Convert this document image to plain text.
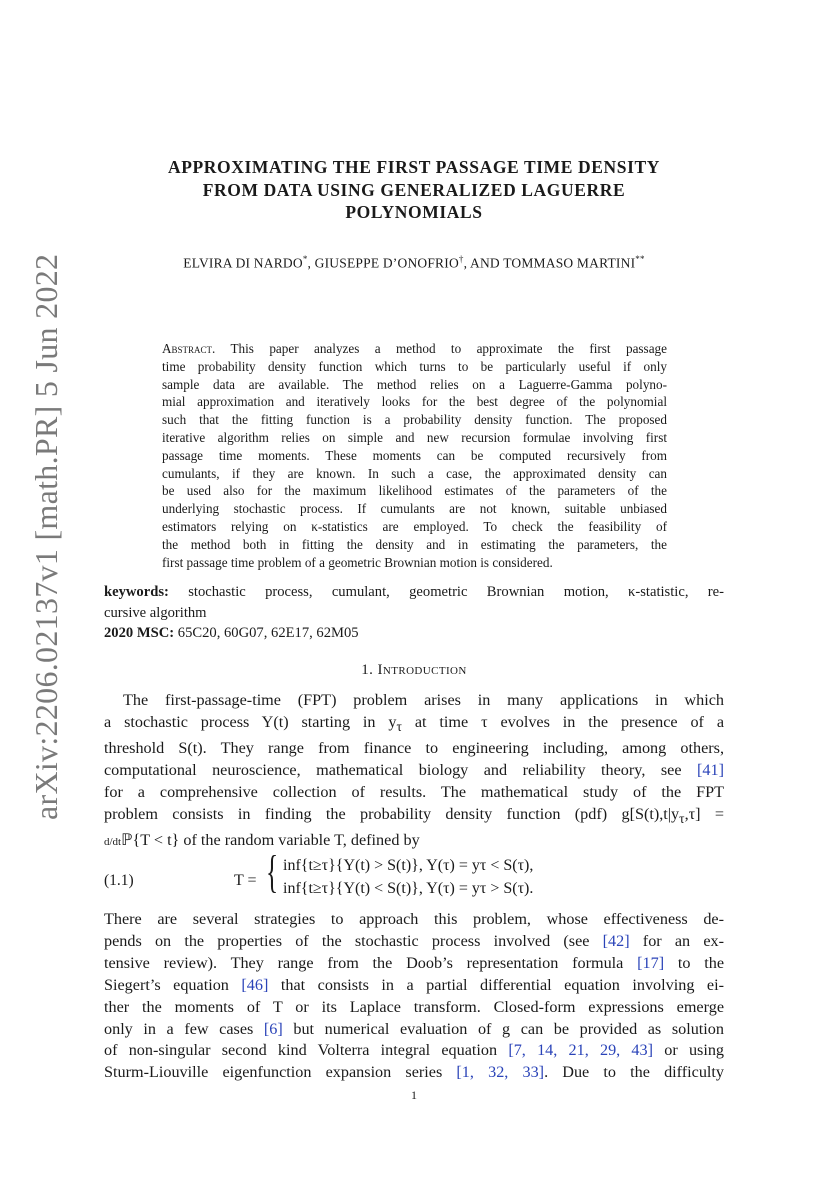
arXiv:2206.02137v1 [math.PR] 5 Jun 2022
APPROXIMATING THE FIRST PASSAGE TIME DENSITY
FROM DATA USING GENERALIZED LAGUERRE
POLYNOMIALS
ELVIRA DI NARDO*, GIUSEPPE D’ONOFRIO†, AND TOMMASO MARTINI**
Abstract. This paper analyzes a method to approximate the first passage
time probability density function which turns to be particularly useful if only
sample data are available. The method relies on a Laguerre-Gamma polyno-
mial approximation and iteratively looks for the best degree of the polynomial
such that the fitting function is a probability density function. The proposed
iterative algorithm relies on simple and new recursion formulae involving first
passage time moments. These moments can be computed recursively from
cumulants, if they are known. In such a case, the approximated density can
be used also for the maximum likelihood estimates of the parameters of the
underlying stochastic process. If cumulants are not known, suitable unbiased
estimators relying on κ-statistics are employed. To check the feasibility of
the method both in fitting the density and in estimating the parameters, the
first passage time problem of a geometric Brownian motion is considered.
keywords: stochastic process, cumulant, geometric Brownian motion, κ-statistic, re-
cursive algorithm
2020 MSC: 65C20, 60G07, 62E17, 62M05
1. Introduction
The first-passage-time (FPT) problem arises in many applications in which
a stochastic process Y(t) starting in $y_\tau$ at time τ evolves in the presence of a
threshold S(t). They range from finance to engineering including, among others,
computational neuroscience, mathematical biology and reliability theory, see [41]
for a comprehensive collection of results. The mathematical study of the FPT
problem consists in finding the probability density function (pdf) $g[S(t),t|y_\tau,\tau]$ =
d/dtℙ{T < t} of the random variable T, defined by
(1.1)	T = { inf{t≥τ}{Y(t) > S(t)}, Y(τ) = yτ < S(τ),
inf{t≥τ}{Y(t) < S(t)}, Y(τ) = yτ > S(τ).
There are several strategies to approach this problem, whose effectiveness de-
pends on the properties of the stochastic process involved (see [42] for an ex-
tensive review). They range from the Doob’s representation formula [17] to the
Siegert’s equation [46] that consists in a partial differential equation involving ei-
ther the moments of T or its Laplace transform. Closed-form expressions emerge
only in a few cases [6] but numerical evaluation of g can be provided as solution
of non-singular second kind Volterra integral equation [7, 14, 21, 29, 43] or using
Sturm-Liouville eigenfunction expansion series [1, 32, 33]. Due to the difficulty
1
